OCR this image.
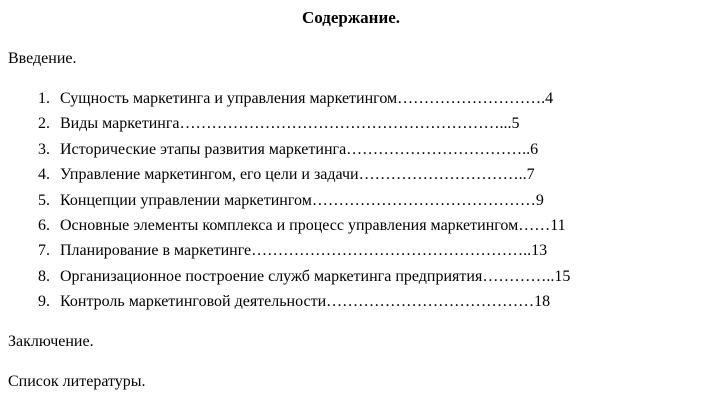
Содержание.
Введение.
1. Сущность маркетинга и управления маркетингом……………………….4
2. Виды маркетинга……………………………………………………...5
3. Исторические этапы развития маркетинга……………………………..6
4. Управление маркетингом, его цели и задачи…………………………..7
5. Концепции управлении маркетингом……………………………………9
6. Основные элементы комплекса и процесс управления маркетингом……11
7. Планирование в маркетинге……………………………………………..13
8. Организационное построение служб маркетинга предприятия…………..15
9. Контроль маркетинговой деятельности…………………………………18
Заключение.
Список литературы.
